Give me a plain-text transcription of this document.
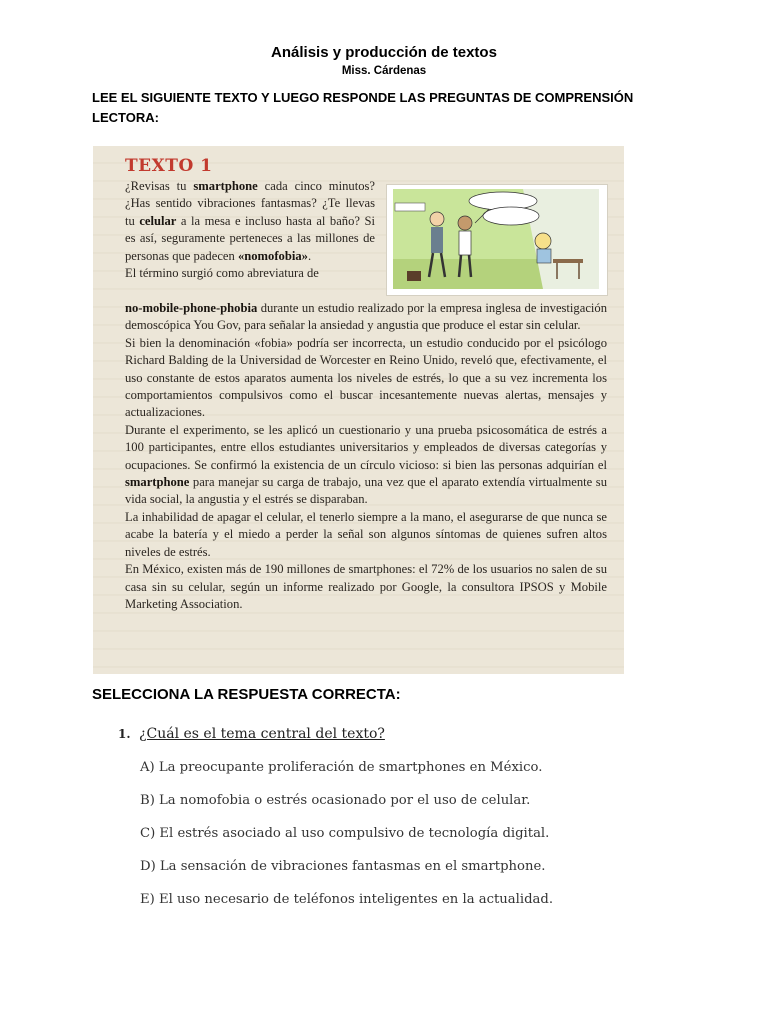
Análisis y producción de textos
Miss. Cárdenas
LEE EL SIGUIENTE TEXTO Y LUEGO RESPONDE LAS PREGUNTAS DE COMPRENSIÓN LECTORA:
TEXTO 1
¿Revisas tu smartphone cada cinco minutos? ¿Has sentido vibraciones fantasmas? ¿Te llevas tu celular a la mesa e incluso hasta al baño? Si es así, seguramente perteneces a las millones de personas que padecen «nomofobia».
El término surgió como abreviatura de
no-mobile-phone-phobia durante un estudio realizado por la empresa inglesa de investigación demoscópica You Gov, para señalar la ansiedad y angustia que produce el estar sin celular.
Si bien la denominación «fobia» podría ser incorrecta, un estudio conducido por el psicólogo Richard Balding de la Universidad de Worcester en Reino Unido, reveló que, efectivamente, el uso constante de estos aparatos aumenta los niveles de estrés, lo que a su vez incrementa los comportamientos compulsivos como el buscar incesantemente nuevas alertas, mensajes y actualizaciones.
Durante el experimento, se les aplicó un cuestionario y una prueba psicosomática de estrés a 100 participantes, entre ellos estudiantes universitarios y empleados de diversas categorías y ocupaciones. Se confirmó la existencia de un círculo vicioso: si bien las personas adquirían el smartphone para manejar su carga de trabajo, una vez que el aparato extendía virtualmente su vida social, la angustia y el estrés se disparaban.
La inhabilidad de apagar el celular, el tenerlo siempre a la mano, el asegurarse de que nunca se acabe la batería y el miedo a perder la señal son algunos síntomas de quienes sufren altos niveles de estrés.
En México, existen más de 190 millones de smartphones: el 72% de los usuarios no salen de su casa sin su celular, según un informe realizado por Google, la consultora IPSOS y Mobile Marketing Association.
SELECCIONA LA RESPUESTA CORRECTA:
1. ¿Cuál es el tema central del texto?
A) La preocupante proliferación de smartphones en México.
B) La nomofobia o estrés ocasionado por el uso de celular.
C) El estrés asociado al uso compulsivo de tecnología digital.
D) La sensación de vibraciones fantasmas en el smartphone.
E) El uso necesario de teléfonos inteligentes en la actualidad.
